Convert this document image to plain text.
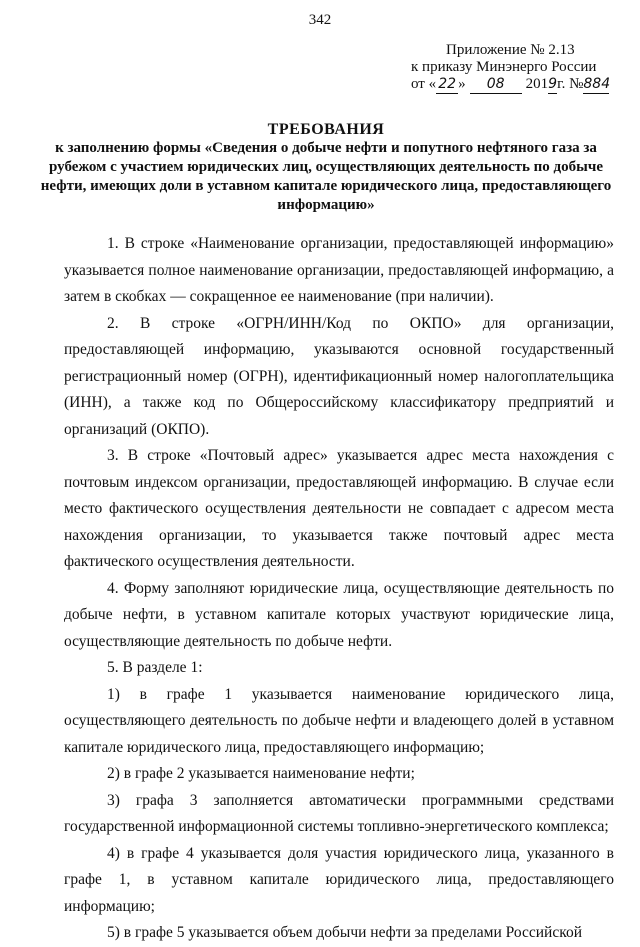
342
Приложение № 2.13
к приказу Минэнерго России
от « 22 » 08 2019г. №884
ТРЕБОВАНИЯ
к заполнению формы «Сведения о добыче нефти и попутного нефтяного газа за рубежом с участием юридических лиц, осуществляющих деятельность по добыче нефти, имеющих доли в уставном капитале юридического лица, предоставляющего информацию»

1. В строке «Наименование организации, предоставляющей информацию» указывается полное наименование организации, предоставляющей информацию, а затем в скобках — сокращенное ее наименование (при наличии).

2. В строке «ОГРН/ИНН/Код по ОКПО» для организации, предоставляющей информацию, указываются основной государственный регистрационный номер (ОГРН), идентификационный номер налогоплательщика (ИНН), а также код по Общероссийскому классификатору предприятий и организаций (ОКПО).

3. В строке «Почтовый адрес» указывается адрес места нахождения с почтовым индексом организации, предоставляющей информацию. В случае если место фактического осуществления деятельности не совпадает с адресом места нахождения организации, то указывается также почтовый адрес места фактического осуществления деятельности.

4. Форму заполняют юридические лица, осуществляющие деятельность по добыче нефти, в уставном капитале которых участвуют юридические лица, осуществляющие деятельность по добыче нефти.

5. В разделе 1:

1) в графе 1 указывается наименование юридического лица, осуществляющего деятельность по добыче нефти и владеющего долей в уставном капитале юридического лица, предоставляющего информацию;

2) в графе 2 указывается наименование нефти;

3) графа 3 заполняется автоматически программными средствами государственной информационной системы топливно-энергетического комплекса;

4) в графе 4 указывается доля участия юридического лица, указанного в графе 1, в уставном капитале юридического лица, предоставляющего информацию;

5) в графе 5 указывается объем добычи нефти за пределами Российской
